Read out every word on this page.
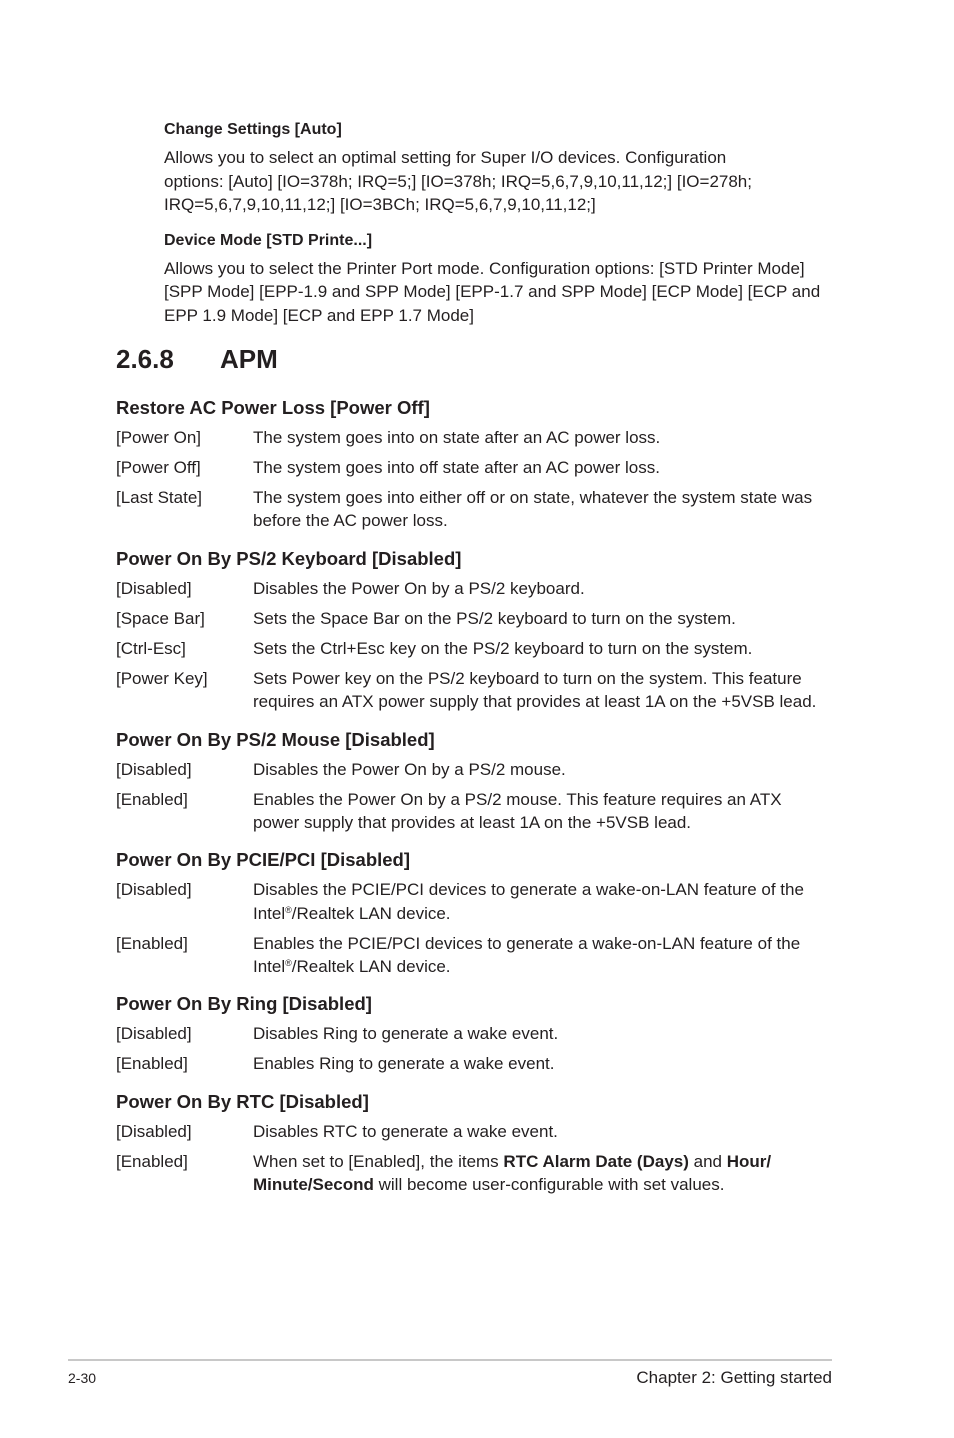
Change Settings [Auto]

Allows you to select an optimal setting for Super I/O devices. Configuration
options: [Auto] [IO=378h; IRQ=5;] [IO=378h; IRQ=5,6,7,9,10,11,12;] [IO=278h;
IRQ=5,6,7,9,10,11,12;] [IO=3BCh; IRQ=5,6,7,9,10,11,12;]

Device Mode [STD Printe...]

Allows you to select the Printer Port mode. Configuration options: [STD Printer Mode]
[SPP Mode] [EPP-1.9 and SPP Mode] [EPP-1.7 and SPP Mode] [ECP Mode] [ECP and
EPP 1.9 Mode] [ECP and EPP 1.7 Mode]

2.6.8	APM

Restore AC Power Loss [Power Off]

[Power On]	The system goes into on state after an AC power loss.
[Power Off]	The system goes into off state after an AC power loss.
[Last State]	The system goes into either off or on state, whatever the system state was
before the AC power loss.

Power On By PS/2 Keyboard [Disabled]

[Disabled]	Disables the Power On by a PS/2 keyboard.
[Space Bar]	Sets the Space Bar on the PS/2 keyboard to turn on the system.
[Ctrl-Esc]	Sets the Ctrl+Esc key on the PS/2 keyboard to turn on the system.
[Power Key]	Sets Power key on the PS/2 keyboard to turn on the system. This feature
requires an ATX power supply that provides at least 1A on the +5VSB lead.

Power On By PS/2 Mouse [Disabled]

[Disabled]	Disables the Power On by a PS/2 mouse.
[Enabled]	Enables the Power On by a PS/2 mouse. This feature requires an ATX
power supply that provides at least 1A on the +5VSB lead.

Power On By PCIE/PCI [Disabled]

[Disabled]	Disables the PCIE/PCI devices to generate a wake-on-LAN feature of the
Intel®/Realtek LAN device.
[Enabled]	Enables the PCIE/PCI devices to generate a wake-on-LAN feature of the
Intel®/Realtek LAN device.

Power On By Ring [Disabled]

[Disabled]	Disables Ring to generate a wake event.
[Enabled]	Enables Ring to generate a wake event.

Power On By RTC [Disabled]

[Disabled]	Disables RTC to generate a wake event.
[Enabled]	When set to [Enabled], the items RTC Alarm Date (Days) and Hour/
Minute/Second will become user-configurable with set values.
2-30	Chapter 2: Getting started
